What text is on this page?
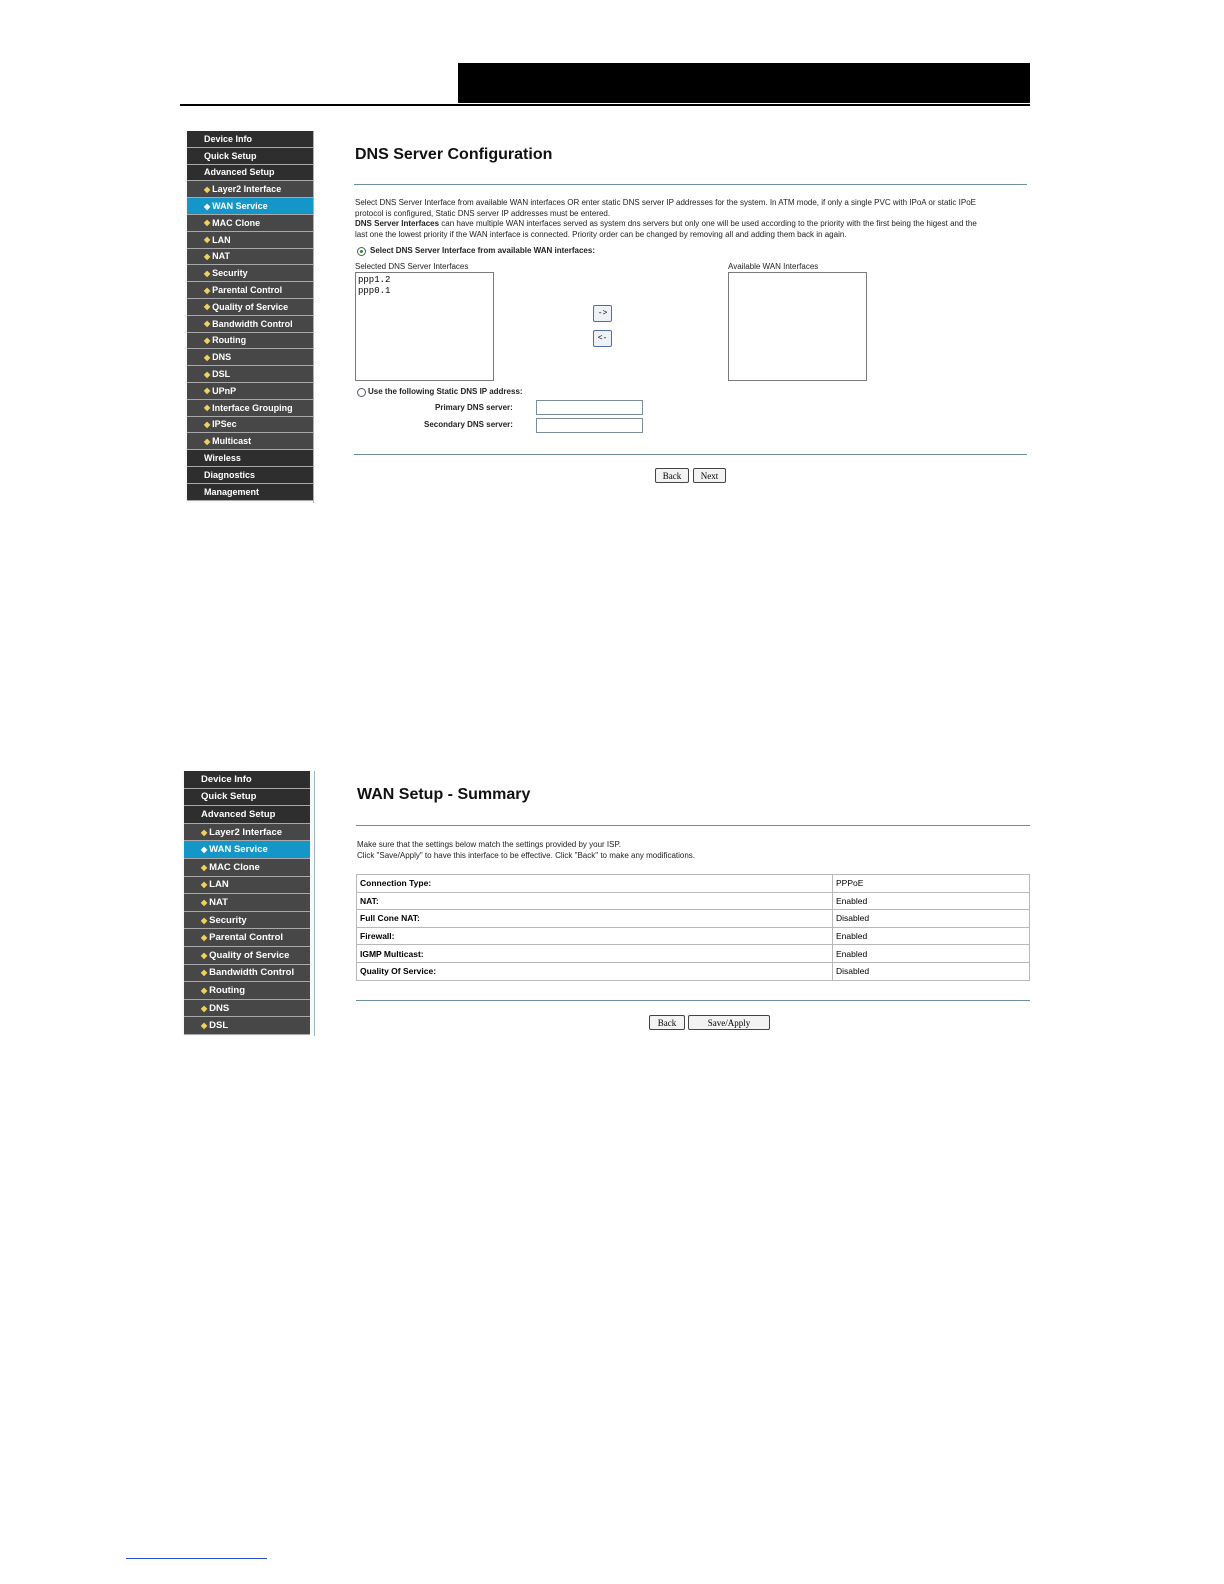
Device Info
Quick Setup
Advanced Setup
◆ Layer2 Interface
◆ WAN Service
◆ MAC Clone
◆ LAN
◆ NAT
◆ Security
◆ Parental Control
◆ Quality of Service
◆ Bandwidth Control
◆ Routing
◆ DNS
◆ DSL
◆ UPnP
◆ Interface Grouping
◆ IPSec
◆ Multicast
Wireless
Diagnostics
Management
DNS Server Configuration
Select DNS Server Interface from available WAN interfaces OR enter static DNS server IP addresses for the system. In ATM mode, if only a single PVC with IPoA or static IPoE
protocol is configured, Static DNS server IP addresses must be entered.
DNS Server Interfaces can have multiple WAN interfaces served as system dns servers but only one will be used according to the priority with the first being the higest and the
last one the lowest priority if the WAN interface is connected. Priority order can be changed by removing all and adding them back in again.
Select DNS Server Interface from available WAN interfaces:
Selected DNS Server Interfaces
ppp1.2
ppp0.1
->
<-
Available WAN Interfaces
Use the following Static DNS IP address:
Primary DNS server:
Secondary DNS server:
Back	Next
Device Info
Quick Setup
Advanced Setup
◆ Layer2 Interface
◆ WAN Service
◆ MAC Clone
◆ LAN
◆ NAT
◆ Security
◆ Parental Control
◆ Quality of Service
◆ Bandwidth Control
◆ Routing
◆ DNS
◆ DSL
WAN Setup - Summary
Make sure that the settings below match the settings provided by your ISP.
Click "Save/Apply" to have this interface to be effective. Click "Back" to make any modifications.
Connection Type:	PPPoE
NAT:	Enabled
Full Cone NAT:	Disabled
Firewall:	Enabled
IGMP Multicast:	Enabled
Quality Of Service:	Disabled
Back	Save/Apply
